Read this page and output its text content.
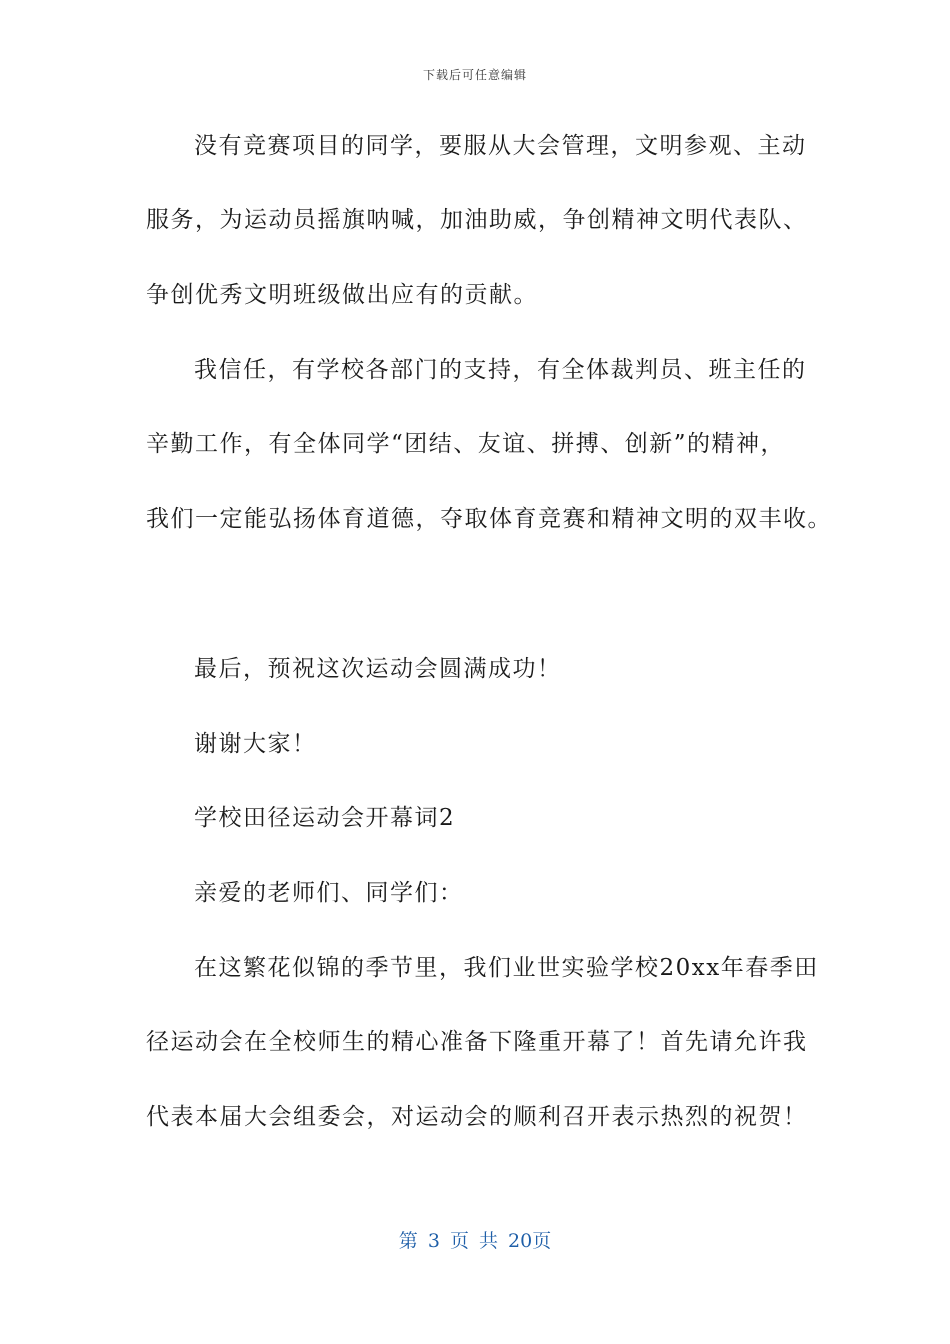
下载后可任意编辑
没有竞赛项目的同学，要服从大会管理，文明参观、主动
服务，为运动员摇旗呐喊，加油助威，争创精神文明代表队、
争创优秀文明班级做出应有的贡献。
我信任，有学校各部门的支持，有全体裁判员、班主任的
辛勤工作，有全体同学“团结、友谊、拼搏、创新”的精神，
我们一定能弘扬体育道德，夺取体育竞赛和精神文明的双丰收。
最后，预祝这次运动会圆满成功！
谢谢大家！
学校田径运动会开幕词2
亲爱的老师们、同学们：
在这繁花似锦的季节里，我们业世实验学校20xx年春季田
径运动会在全校师生的精心准备下隆重开幕了！首先请允许我
代表本届大会组委会，对运动会的顺利召开表示热烈的祝贺！
第 3 页 共 20页
